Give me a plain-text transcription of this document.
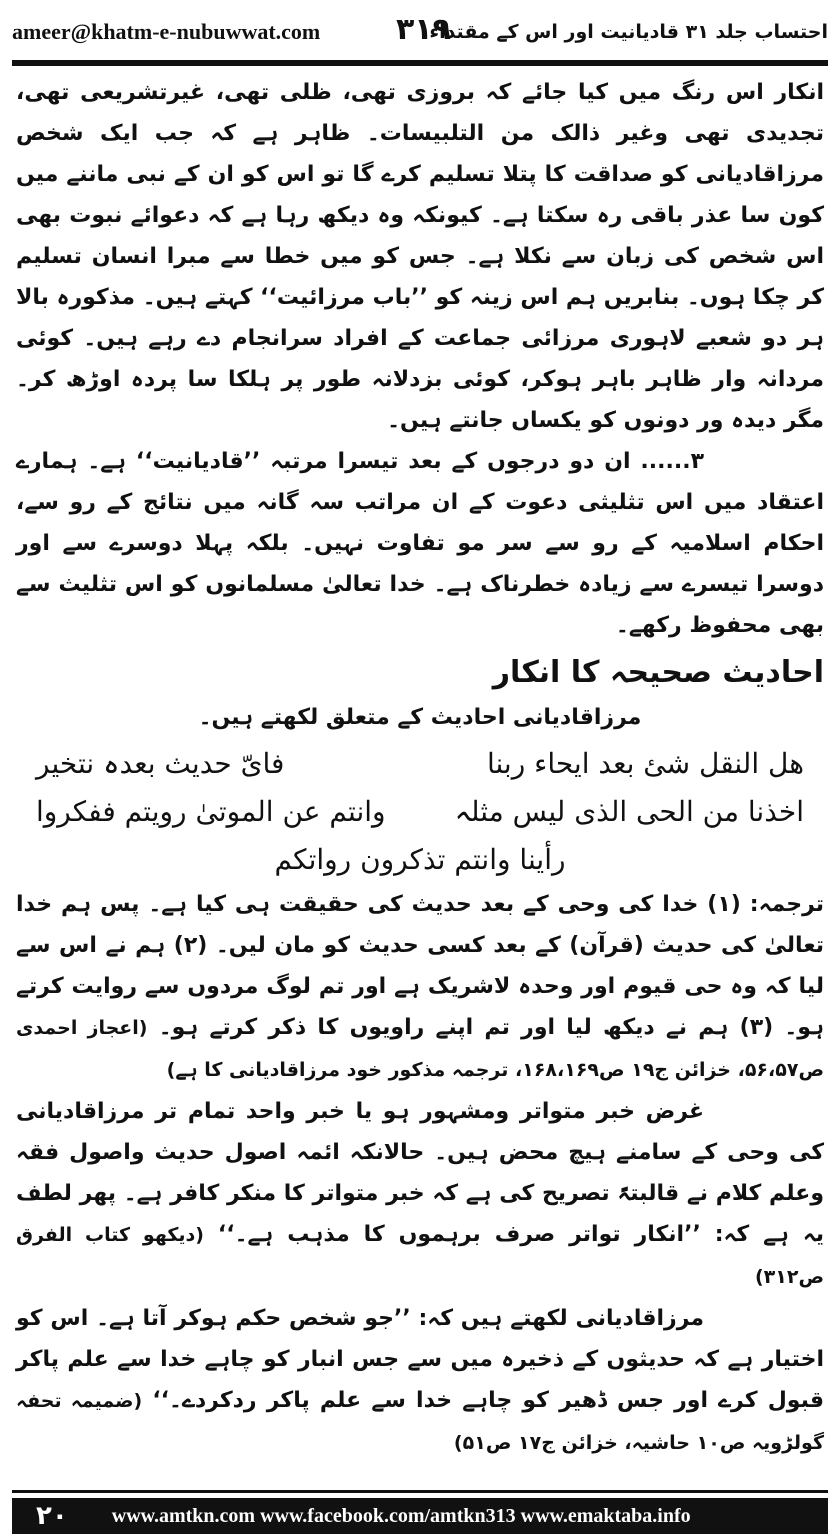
ameer@khatm-e-nubuwwat.com	٣١٩
احتساب جلد ۳۱ قادیانیت اور اس کے مقتداء

انکار اس رنگ میں کیا جائے کہ بروزی تھی، ظلی تھی، غیرتشریعی تھی، تجدیدی تھی وغیر ذالک من التلبیسات۔ ظاہر ہے کہ جب ایک شخص مرزاقادیانی کو صداقت کا پتلا تسلیم کرے گا تو اس کو ان کے نبی ماننے میں کون سا عذر باقی رہ سکتا ہے۔ کیونکہ وہ دیکھ رہا ہے کہ دعوائے نبوت بھی اس شخص کی زبان سے نکلا ہے۔ جس کو میں خطا سے مبرا انسان تسلیم کر چکا ہوں۔ بنابریں ہم اس زینہ کو ’’باب مرزائیت‘‘ کہتے ہیں۔ مذکورہ بالا ہر دو شعبے لاہوری مرزائی جماعت کے افراد سرانجام دے رہے ہیں۔ کوئی مردانہ وار ظاہر باہر ہوکر، کوئی بزدلانہ طور پر ہلکا سا پردہ اوڑھ کر۔ مگر دیدہ ور دونوں کو یکساں جانتے ہیں۔

۳...... ان دو درجوں کے بعد تیسرا مرتبہ ’’قادیانیت‘‘ ہے۔ ہمارے اعتقاد میں اس تثلیثی دعوت کے ان مراتب سہ گانہ میں نتائج کے رو سے، احکام اسلامیہ کے رو سے سر مو تفاوت نہیں۔ بلکہ پہلا دوسرے سے اور دوسرا تیسرے سے زیادہ خطرناک ہے۔ خدا تعالیٰ مسلمانوں کو اس تثلیث سے بھی محفوظ رکھے۔

احادیث صحیحہ کا انکار

مرزاقادیانی احادیث کے متعلق لکھتے ہیں۔

ھل النقل شئ بعد ایحاء ربنا
فایّ حدیث بعدہ نتخیر
اخذنا من الحی الذی لیس مثلہ
وانتم عن الموتیٰ رویتم ففکروا
رأینا وانتم تذکرون رواتکم

ترجمہ: (۱) خدا کی وحی کے بعد حدیث کی حقیقت ہی کیا ہے۔ پس ہم خدا تعالیٰ کی حدیث (قرآن) کے بعد کسی حدیث کو مان لیں۔ (۲) ہم نے اس سے لیا کہ وہ حی قیوم اور وحدہ لاشریک ہے اور تم لوگ مردوں سے روایت کرتے ہو۔ (۳) ہم نے دیکھ لیا اور تم اپنے راویوں کا ذکر کرتے ہو۔ (اعجاز احمدی ص۵۶،۵۷، خزائن ج۱۹ ص۱۶۸،۱۶۹، ترجمہ مذکور خود مرزاقادیانی کا ہے)

غرض خبر متواتر ومشہور ہو یا خبر واحد تمام تر مرزاقادیانی کی وحی کے سامنے ہیچ محض ہیں۔ حالانکہ ائمہ اصول حدیث واصول فقہ وعلم کلام نے قالبتہً تصریح کی ہے کہ خبر متواتر کا منکر کافر ہے۔ پھر لطف یہ ہے کہ: ’’انکار تواتر صرف برہموں کا مذہب ہے۔‘‘ (دیکھو کتاب الفرق ص۳۱۲)

مرزاقادیانی لکھتے ہیں کہ: ’’جو شخص حکم ہوکر آتا ہے۔ اس کو اختیار ہے کہ حدیثوں کے ذخیرہ میں سے جس انبار کو چاہے خدا سے علم پاکر قبول کرے اور جس ڈھیر کو چاہے خدا سے علم پاکر ردکردے۔‘‘ (ضمیمہ تحفہ گولڑویہ ص۱۰ حاشیہ، خزائن ج۱۷ ص۵۱)

۲۰	www.amtkn.com www.facebook.com/amtkn313 www.emaktaba.info
